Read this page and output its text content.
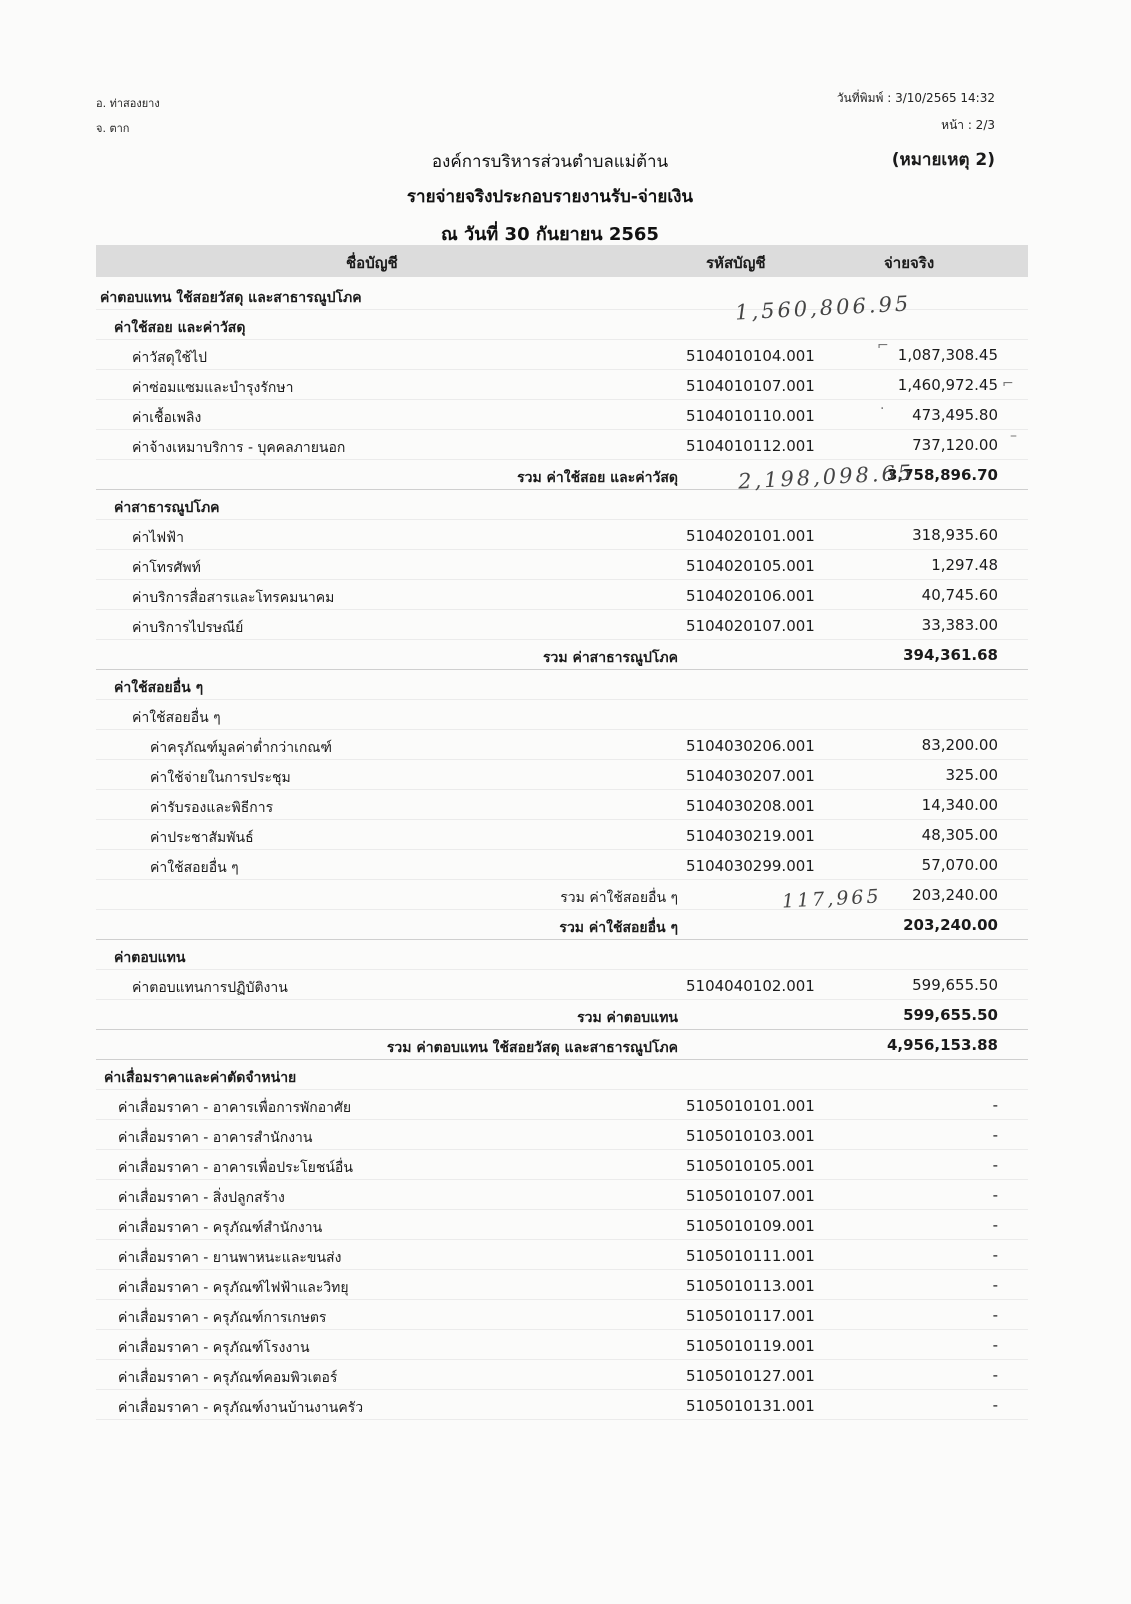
อ. ท่าสองยาง
จ. ตาก
วันที่พิมพ์ : 3/10/2565 14:32
หน้า : 2/3
องค์การบริหารส่วนตำบลแม่ต้าน	(หมายเหตุ 2)
รายจ่ายจริงประกอบรายงานรับ-จ่ายเงิน
ณ วันที่ 30 กันยายน 2565
ชื่อบัญชี	รหัสบัญชี	จ่ายจริง
ค่าตอบแทน ใช้สอยวัสดุ และสาธารณูปโภค
ค่าใช้สอย และค่าวัสดุ
ค่าวัสดุใช้ไป	5104010104.001	1,087,308.45
ค่าซ่อมแซมและบำรุงรักษา	5104010107.001	1,460,972.45
ค่าเชื้อเพลิง	5104010110.001	473,495.80
ค่าจ้างเหมาบริการ - บุคคลภายนอก	5104010112.001	737,120.00
รวม ค่าใช้สอย และค่าวัสดุ	3,758,896.70
ค่าสาธารณูปโภค
ค่าไฟฟ้า	5104020101.001	318,935.60
ค่าโทรศัพท์	5104020105.001	1,297.48
ค่าบริการสื่อสารและโทรคมนาคม	5104020106.001	40,745.60
ค่าบริการไปรษณีย์	5104020107.001	33,383.00
รวม ค่าสาธารณูปโภค	394,361.68
ค่าใช้สอยอื่น ๆ
ค่าใช้สอยอื่น ๆ
ค่าครุภัณฑ์มูลค่าต่ำกว่าเกณฑ์	5104030206.001	83,200.00
ค่าใช้จ่ายในการประชุม	5104030207.001	325.00
ค่ารับรองและพิธีการ	5104030208.001	14,340.00
ค่าประชาสัมพันธ์	5104030219.001	48,305.00
ค่าใช้สอยอื่น ๆ	5104030299.001	57,070.00
รวม ค่าใช้สอยอื่น ๆ	203,240.00
รวม ค่าใช้สอยอื่น ๆ	203,240.00
ค่าตอบแทน
ค่าตอบแทนการปฏิบัติงาน	5104040102.001	599,655.50
รวม ค่าตอบแทน	599,655.50
รวม ค่าตอบแทน ใช้สอยวัสดุ และสาธารณูปโภค	4,956,153.88
ค่าเสื่อมราคาและค่าตัดจำหน่าย
ค่าเสื่อมราคา - อาคารเพื่อการพักอาศัย	5105010101.001	-
ค่าเสื่อมราคา - อาคารสำนักงาน	5105010103.001	-
ค่าเสื่อมราคา - อาคารเพื่อประโยชน์อื่น	5105010105.001	-
ค่าเสื่อมราคา - สิ่งปลูกสร้าง	5105010107.001	-
ค่าเสื่อมราคา - ครุภัณฑ์สำนักงาน	5105010109.001	-
ค่าเสื่อมราคา - ยานพาหนะและขนส่ง	5105010111.001	-
ค่าเสื่อมราคา - ครุภัณฑ์ไฟฟ้าและวิทยุ	5105010113.001	-
ค่าเสื่อมราคา - ครุภัณฑ์การเกษตร	5105010117.001	-
ค่าเสื่อมราคา - ครุภัณฑ์โรงงาน	5105010119.001	-
ค่าเสื่อมราคา - ครุภัณฑ์คอมพิวเตอร์	5105010127.001	-
ค่าเสื่อมราคา - ครุภัณฑ์งานบ้านงานครัว	5105010131.001	-
1,560,806.95
2,198,098.65
117,965
⌐
⌐
·
–
